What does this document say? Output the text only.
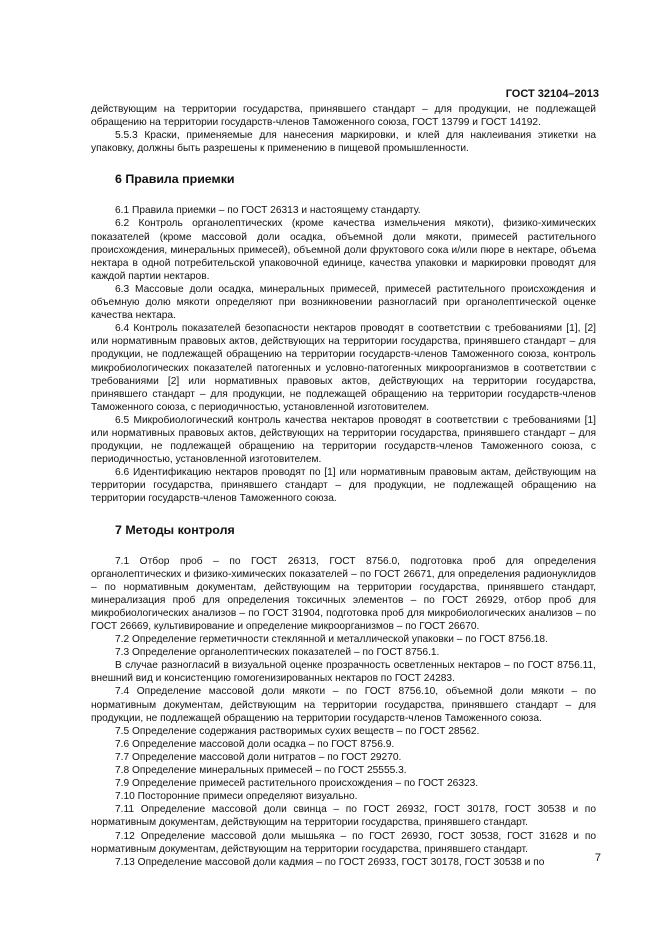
ГОСТ 32104–2013

действующим на территории государства, принявшего стандарт – для продукции, не подлежащей обращению на территории государств-членов Таможенного союза, ГОСТ 13799 и ГОСТ 14192.

5.5.3 Краски, применяемые для нанесения маркировки, и клей для наклеивания этикетки на упаковку, должны быть разрешены к применению в пищевой промышленности.

6 Правила приемки

6.1 Правила приемки – по ГОСТ 26313 и настоящему стандарту.

6.2 Контроль органолептических (кроме качества измельчения мякоти), физико-химических показателей (кроме массовой доли осадка, объемной доли мякоти, примесей растительного происхождения, минеральных примесей), объемной доли фруктового сока и/или пюре в нектаре, объема нектара в одной потребительской упаковочной единице, качества упаковки и маркировки проводят для каждой партии нектаров.

6.3 Массовые доли осадка, минеральных примесей, примесей растительного происхождения и объемную долю мякоти определяют при возникновении разногласий при органолептической оценке качества нектара.

6.4 Контроль показателей безопасности нектаров проводят в соответствии с требованиями [1], [2] или нормативным правовых актов, действующих на территории государства, принявшего стандарт – для продукции, не подлежащей обращению на территории государств-членов Таможенного союза, контроль микробиологических показателей патогенных и условно-патогенных микроорганизмов в соответствии с требованиями [2] или нормативных правовых актов, действующих на территории государства, принявшего стандарт – для продукции, не подлежащей обращению на территории государств-членов Таможенного союза, с периодичностью, установленной изготовителем.

6.5 Микробиологический контроль качества нектаров проводят в соответствии с требованиями [1] или нормативных правовых актов, действующих на территории государства, принявшего стандарт – для продукции, не подлежащей обращению на территории государств-членов Таможенного союза, с периодичностью, установленной изготовителем.

6.6 Идентификацию нектаров проводят по [1] или нормативным правовым актам, действующим на территории государства, принявшего стандарт – для продукции, не подлежащей обращению на территории государств-членов Таможенного союза.

7 Методы контроля

7.1 Отбор проб – по ГОСТ 26313, ГОСТ 8756.0, подготовка проб для определения органолептических и физико-химических показателей – по ГОСТ 26671, для определения радионуклидов – по нормативным документам, действующим на территории государства, принявшего стандарт, минерализация проб для определения токсичных элементов – по ГОСТ 26929, отбор проб для микробиологических анализов – по ГОСТ 31904, подготовка проб для микробиологических анализов – по ГОСТ 26669, культивирование и определение микроорганизмов – по ГОСТ 26670.

7.2 Определение герметичности стеклянной и металлической упаковки – по ГОСТ 8756.18.

7.3 Определение органолептических показателей – по ГОСТ 8756.1.

В случае разногласий в визуальной оценке прозрачность осветленных нектаров – по ГОСТ 8756.11, внешний вид и консистенцию гомогенизированных нектаров по ГОСТ 24283.

7.4 Определение массовой доли мякоти – по ГОСТ 8756.10, объемной доли мякоти – по нормативным документам, действующим на территории государства, принявшего стандарт – для продукции, не подлежащей обращению на территории государств-членов Таможенного союза.

7.5 Определение содержания растворимых сухих веществ – по ГОСТ 28562.

7.6 Определение массовой доли осадка – по ГОСТ 8756.9.

7.7 Определение массовой доли нитратов – по ГОСТ 29270.

7.8 Определение минеральных примесей – по ГОСТ 25555.3.

7.9 Определение примесей растительного происхождения – по ГОСТ 26323.

7.10 Посторонние примеси определяют визуально.

7.11 Определение массовой доли свинца – по ГОСТ 26932, ГОСТ 30178, ГОСТ 30538 и по нормативным документам, действующим на территории государства, принявшего стандарт.

7.12 Определение массовой доли мышьяка – по ГОСТ 26930, ГОСТ 30538, ГОСТ 31628 и по нормативным документам, действующим на территории государства, принявшего стандарт.

7.13 Определение массовой доли кадмия – по ГОСТ 26933, ГОСТ 30178, ГОСТ 30538 и по	7
